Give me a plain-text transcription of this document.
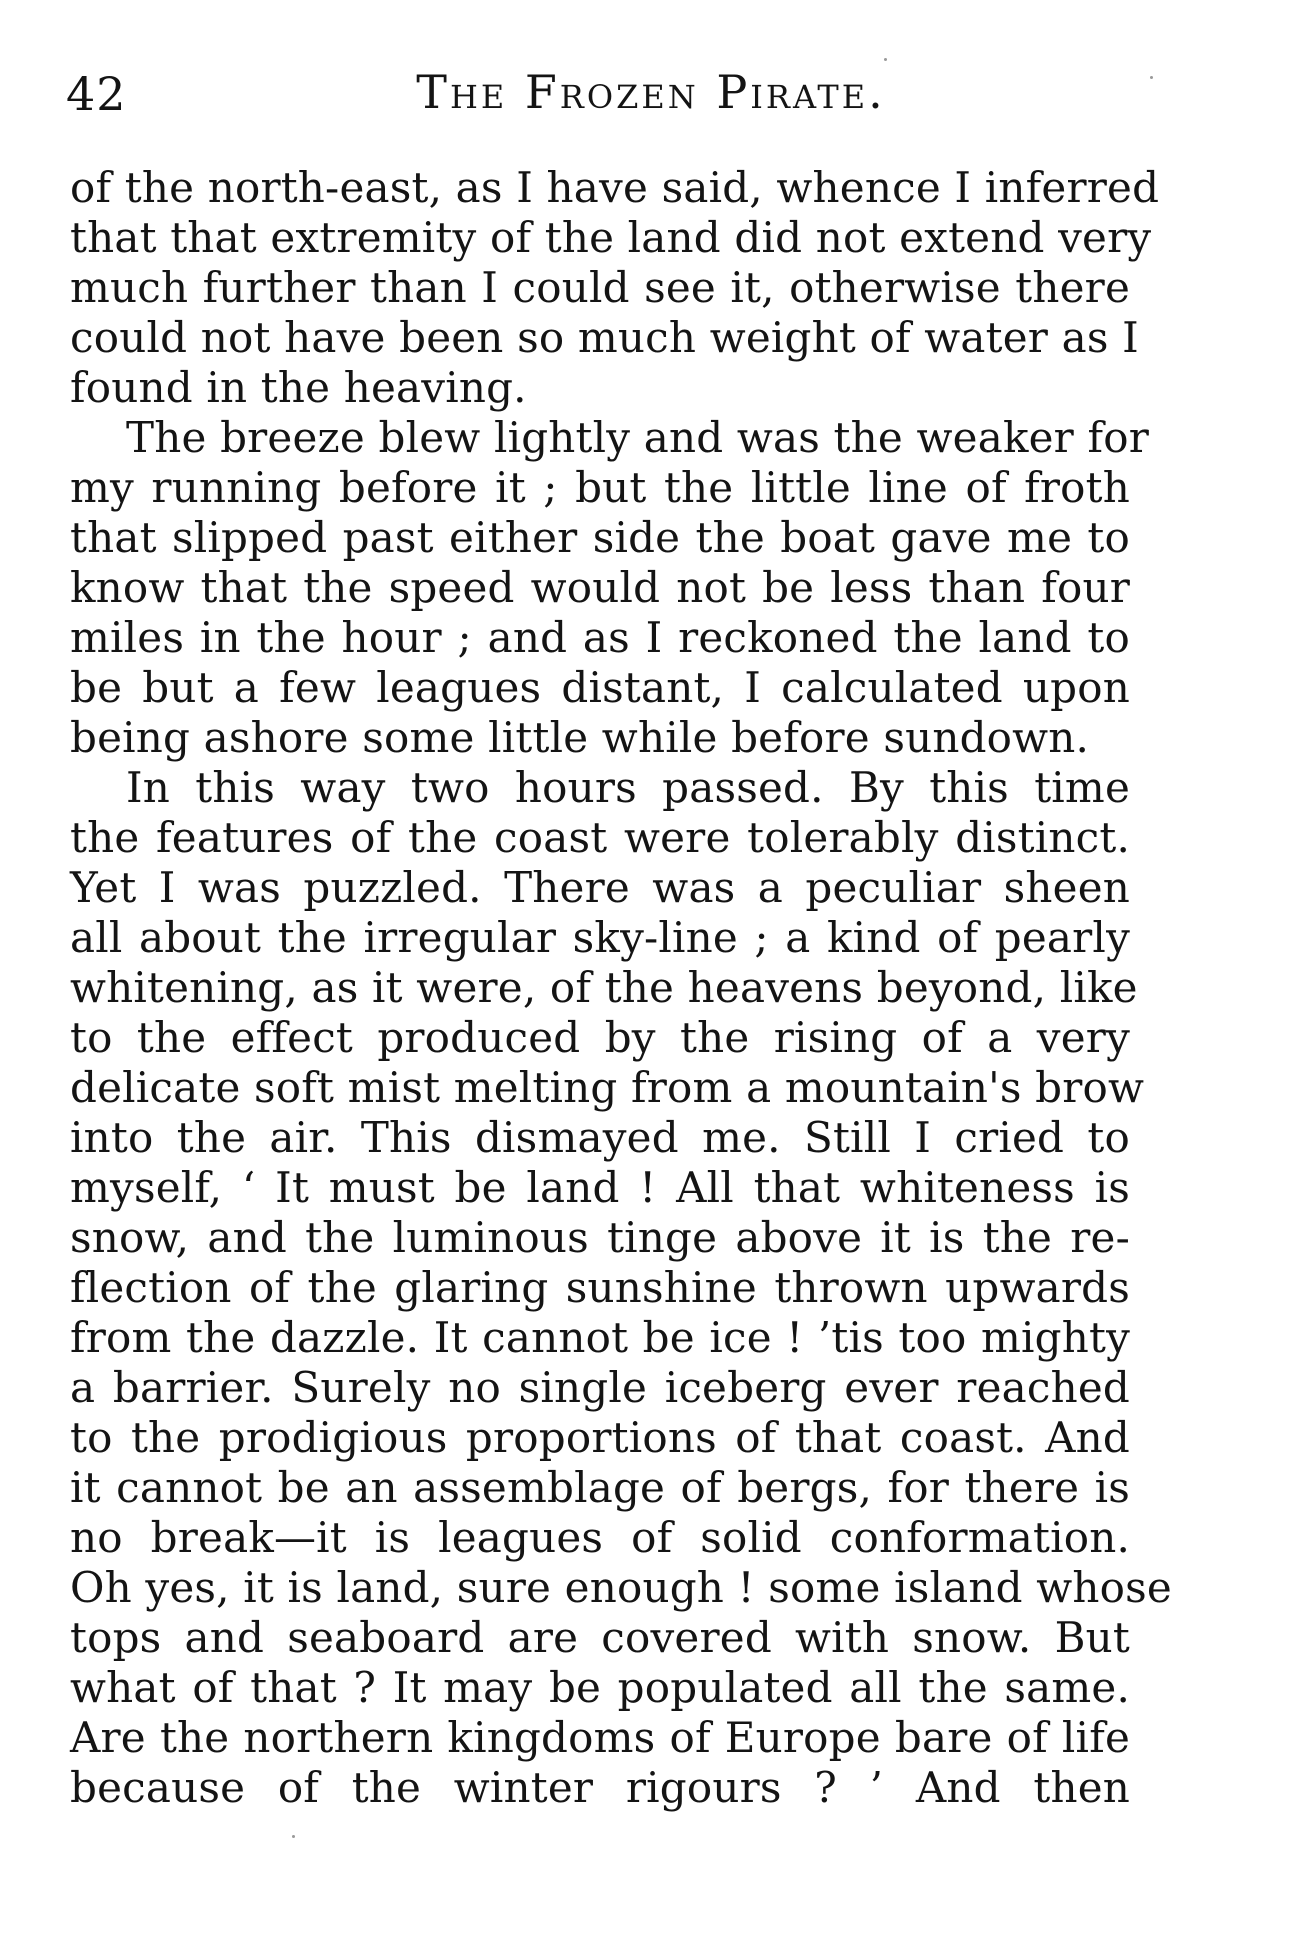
42	The Frozen Pirate.
of the north-east, as I have said, whence I inferred
that that extremity of the land did not extend very
much further than I could see it, otherwise there
could not have been so much weight of water as I
found in the heaving.
The breeze blew lightly and was the weaker for
my running before it ; but the little line of froth
that slipped past either side the boat gave me to
know that the speed would not be less than four
miles in the hour ; and as I reckoned the land to
be but a few leagues distant, I calculated upon
being ashore some little while before sundown.
In this way two hours passed. By this time
the features of the coast were tolerably distinct.
Yet I was puzzled. There was a peculiar sheen
all about the irregular sky-line ; a kind of pearly
whitening, as it were, of the heavens beyond, like
to the effect produced by the rising of a very
delicate soft mist melting from a mountain's brow
into the air. This dismayed me. Still I cried to
myself, ‘ It must be land ! All that whiteness is
snow, and the luminous tinge above it is the re-
flection of the glaring sunshine thrown upwards
from the dazzle. It cannot be ice ! ’tis too mighty
a barrier. Surely no single iceberg ever reached
to the prodigious proportions of that coast. And
it cannot be an assemblage of bergs, for there is
no break—it is leagues of solid conformation.
Oh yes, it is land, sure enough ! some island whose
tops and seaboard are covered with snow. But
what of that ? It may be populated all the same.
Are the northern kingdoms of Europe bare of life
because of the winter rigours ? ’ And then
